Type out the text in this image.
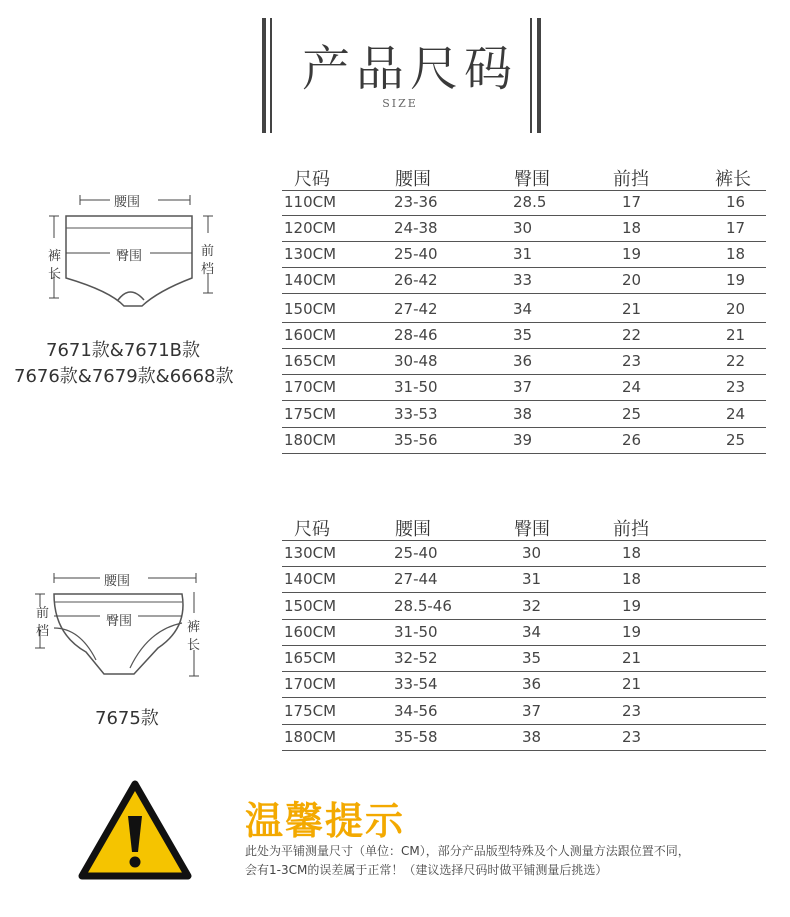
产品尺码
SIZE
腰围
臀围
裤
长
前
档
7671款&7671B款
7676款&7679款&6668款
尺码	腰围	臀围	前挡	裤长
110CM	23-36	28.5	17	16
120CM	24-38	30	18	17
130CM	25-40	31	19	18
140CM	26-42	33	20	19
150CM	27-42	34	21	20
160CM	28-46	35	22	21
165CM	30-48	36	23	22
170CM	31-50	37	24	23
175CM	33-53	38	25	24
180CM	35-56	39	26	25
腰围
臀围
前
档	裤
长
7675款
尺码	腰围	臀围	前挡
130CM	25-40	30	18
140CM	27-44	31	18
150CM	28.5-46	32	19
160CM	31-50	34	19
165CM	32-52	35	21
170CM	33-54	36	21
175CM	34-56	37	23
180CM	35-58	38	23
温馨提示
此处为平铺测量尺寸（单位：CM），部分产品版型特殊及个人测量方法跟位置不同，
会有1-3CM的误差属于正常！（建议选择尺码时做平铺测量后挑选）
